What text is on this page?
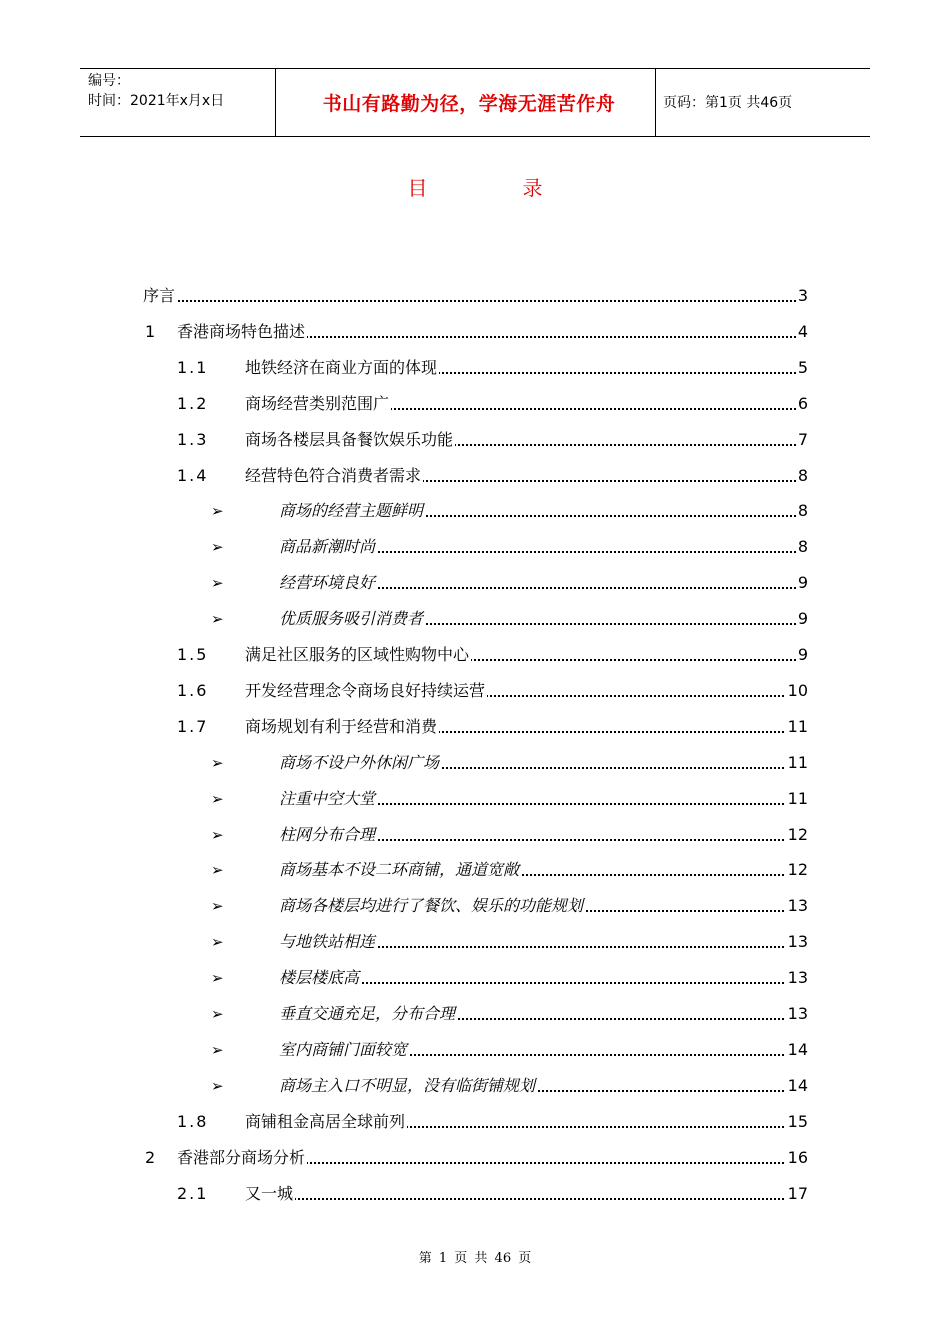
编号：
时间：2021年x月x日	书山有路勤为径，学海无涯苦作舟	页码：第1页 共46页
目录
序言	3
1 香港商场特色描述	4
1.1 地铁经济在商业方面的体现	5
1.2 商场经营类别范围广	6
1.3 商场各楼层具备餐饮娱乐功能	7
1.4 经营特色符合消费者需求	8
➢	商场的经营主题鲜明	8
➢	商品新潮时尚	8
➢	经营环境良好	9
➢	优质服务吸引消费者	9
1.5 满足社区服务的区域性购物中心	9
1.6 开发经营理念令商场良好持续运营	10
1.7 商场规划有利于经营和消费	11
➢	商场不设户外休闲广场	11
➢	注重中空大堂	11
➢	柱网分布合理	12
➢	商场基本不设二环商铺，通道宽敞	12
➢	商场各楼层均进行了餐饮、娱乐的功能规划	13
➢	与地铁站相连	13
➢	楼层楼底高	13
➢	垂直交通充足，分布合理	13
➢	室内商铺门面较宽	14
➢	商场主入口不明显，没有临街铺规划	14
1.8 商铺租金高居全球前列	15
2 香港部分商场分析	16
2.1 又一城	17
第 1 页 共 46 页
